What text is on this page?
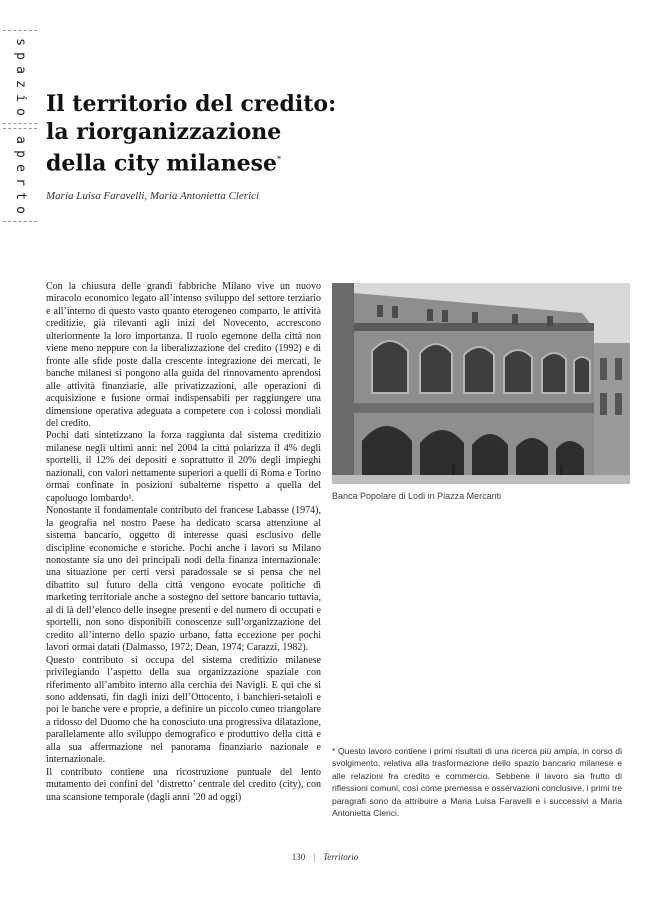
s
p
a
z
i
o
a
p
e
r
t
o
Il territorio del credito:
la riorganizzazione
della city milanese*
Maria Luisa Faravelli, Maria Antonietta Clerici

Con la chiusura delle grandi fabbriche Milano vive un nuovo miracolo economico legato all’intenso sviluppo del settore terziario e all’interno di questo vasto quanto eterogeneo comparto, le attività creditizie, già rilevanti agli inizi del Novecento, accrescono ulteriormente la loro importanza. Il ruolo egemone della città non viene meno neppure con la liberalizzazione del credito (1992) e di fronte alle sfide poste dalla crescente integrazione dei mercati, le banche milanesi si pongono alla guida del rinnovamento aprendosi alle attività finanziarie, alle privatizzazioni, alle operazioni di acquisizione e fusione ormai indispensabili per raggiungere una dimensione operativa adeguata a competere con i colossi mondiali del credito.

Pochi dati sintetizzano la forza raggiunta dal sistema creditizio milanese negli ultimi anni: nel 2004 la città polarizza il 4% degli sportelli, il 12% dei depositi e soprattutto il 20% degli impieghi nazionali, con valori nettamente superiori a quelli di Roma e Torino ormai confinate in posizioni subalterne rispetto a quella del capoluogo lombardo¹.

Nonostante il fondamentale contributo del francese Labasse (1974), la geografia nel nostro Paese ha dedicato scarsa attenzione al sistema bancario, oggetto di interesse quasi esclusivo delle discipline economiche e storiche. Pochi anche i lavori su Milano nonostante sia uno dei principali nodi della finanza internazionale: una situazione per certi versi paradossale se si pensa che nel dibattito sul futuro della città vengono evocate politiche di marketing territoriale anche a sostegno del settore bancario tuttavia, al di là dell’elenco delle insegne presenti e del numero di occupati e sportelli, non sono disponibili conoscenze sull’organizzazione del credito all’interno dello spazio urbano, fatta eccezione per pochi lavori ormai datati (Dalmasso, 1972; Dean, 1974; Carazzi, 1982).

Questo contributo si occupa del sistema creditizio milanese privilegiando l’aspetto della sua organizzazione spaziale con riferimento all’ambito interno alla cerchia dei Navigli. E qui che si sono addensati, fin dagli inizi dell’Ottocento, i banchieri-setaioli e poi le banche vere e proprie, a definire un piccolo cuneo triangolare a ridosso del Duomo che ha conosciuto una progressiva dilatazione, parallelamente allo sviluppo demografico e produttivo della città e alla sua affermazione nel panorama finanziario nazionale e internazionale.

Il contributo contiene una ricostruzione puntuale del lento mutamento dei confini del ‘distretto’ centrale del credito (city), con una scansione temporale (dagli anni ’20 ad oggi)

Banca Popolare di Lodi in Piazza Mercanti
* Questo lavoro contiene i primi risultati di una ricerca più ampia, in corso di svolgimento, relativa alla trasformazione dello spazio bancario milanese e alle relazioni fra credito e commercio. Sebbene il lavoro sia frutto di riflessioni comuni, così come premessa e osservazioni conclusive, i primi tre paragrafi sono da attribuire a Maria Luisa Faravelli e i successivi a Maria Antonietta Clerici.
130 | Territorio
